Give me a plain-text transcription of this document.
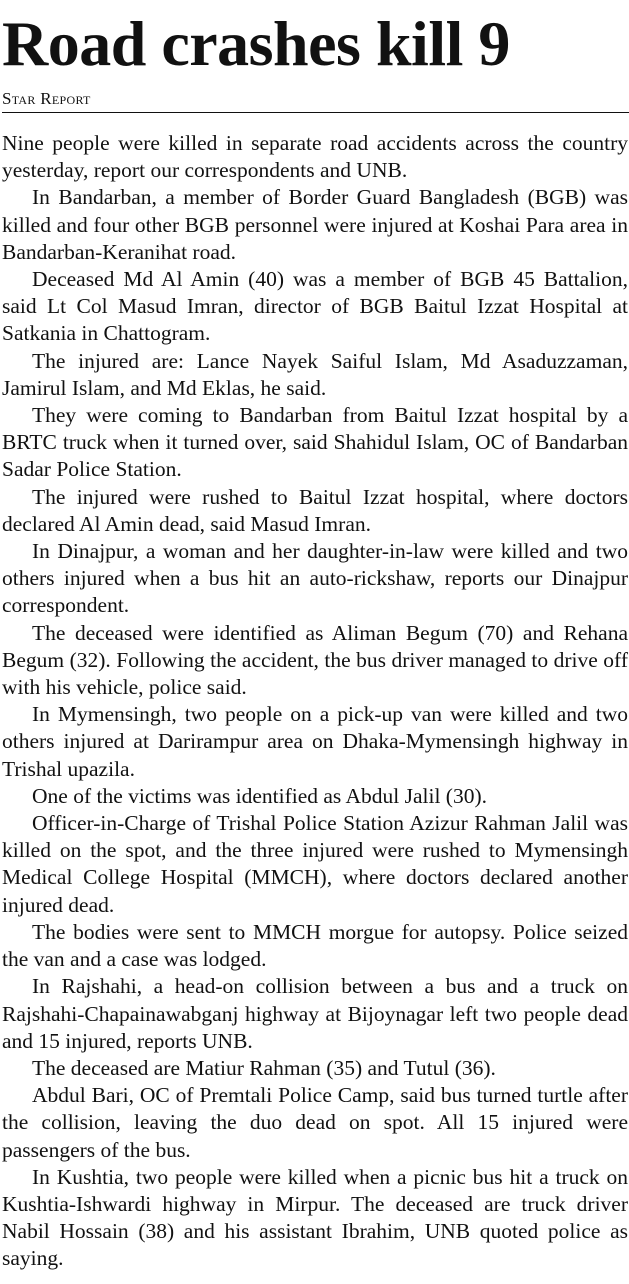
Road crashes kill 9
Star Report

Nine people were killed in separate road accidents across the country yesterday, report our correspondents and UNB.

In Bandarban, a member of Border Guard Bangladesh (BGB) was killed and four other BGB personnel were injured at Koshai Para area in Bandarban-Keranihat road.

Deceased Md Al Amin (40) was a member of BGB 45 Battalion, said Lt Col Masud Imran, director of BGB Baitul Izzat Hospital at Satkania in Chattogram.

The injured are: Lance Nayek Saiful Islam, Md Asaduzzaman, Jamirul Islam, and Md Eklas, he said.

They were coming to Bandarban from Baitul Izzat hospital by a BRTC truck when it turned over, said Shahidul Islam, OC of Bandarban Sadar Police Station.

The injured were rushed to Baitul Izzat hospital, where doctors declared Al Amin dead, said Masud Imran.

In Dinajpur, a woman and her daughter-in-law were killed and two others injured when a bus hit an auto-rickshaw, reports our Dinajpur correspondent.

The deceased were identified as Aliman Begum (70) and Rehana Begum (32). Following the accident, the bus driver managed to drive off with his vehicle, police said.

In Mymensingh, two people on a pick-up van were killed and two others injured at Darirampur area on Dhaka-Mymensingh highway in Trishal upazila.

One of the victims was identified as Abdul Jalil (30).

Officer-in-Charge of Trishal Police Station Azizur Rahman Jalil was killed on the spot, and the three injured were rushed to Mymensingh Medical College Hospital (MMCH), where doctors declared another injured dead.

The bodies were sent to MMCH morgue for autopsy. Police seized the van and a case was lodged.

In Rajshahi, a head-on collision between a bus and a truck on Rajshahi-Chapainawabganj highway at Bijoynagar left two people dead and 15 injured, reports UNB.

The deceased are Matiur Rahman (35) and Tutul (36).

Abdul Bari, OC of Premtali Police Camp, said bus turned turtle after the collision, leaving the duo dead on spot. All 15 injured were passengers of the bus.

In Kushtia, two people were killed when a picnic bus hit a truck on Kushtia-Ishwardi highway in Mirpur. The deceased are truck driver Nabil Hossain (38) and his assistant Ibrahim, UNB quoted police as saying.
